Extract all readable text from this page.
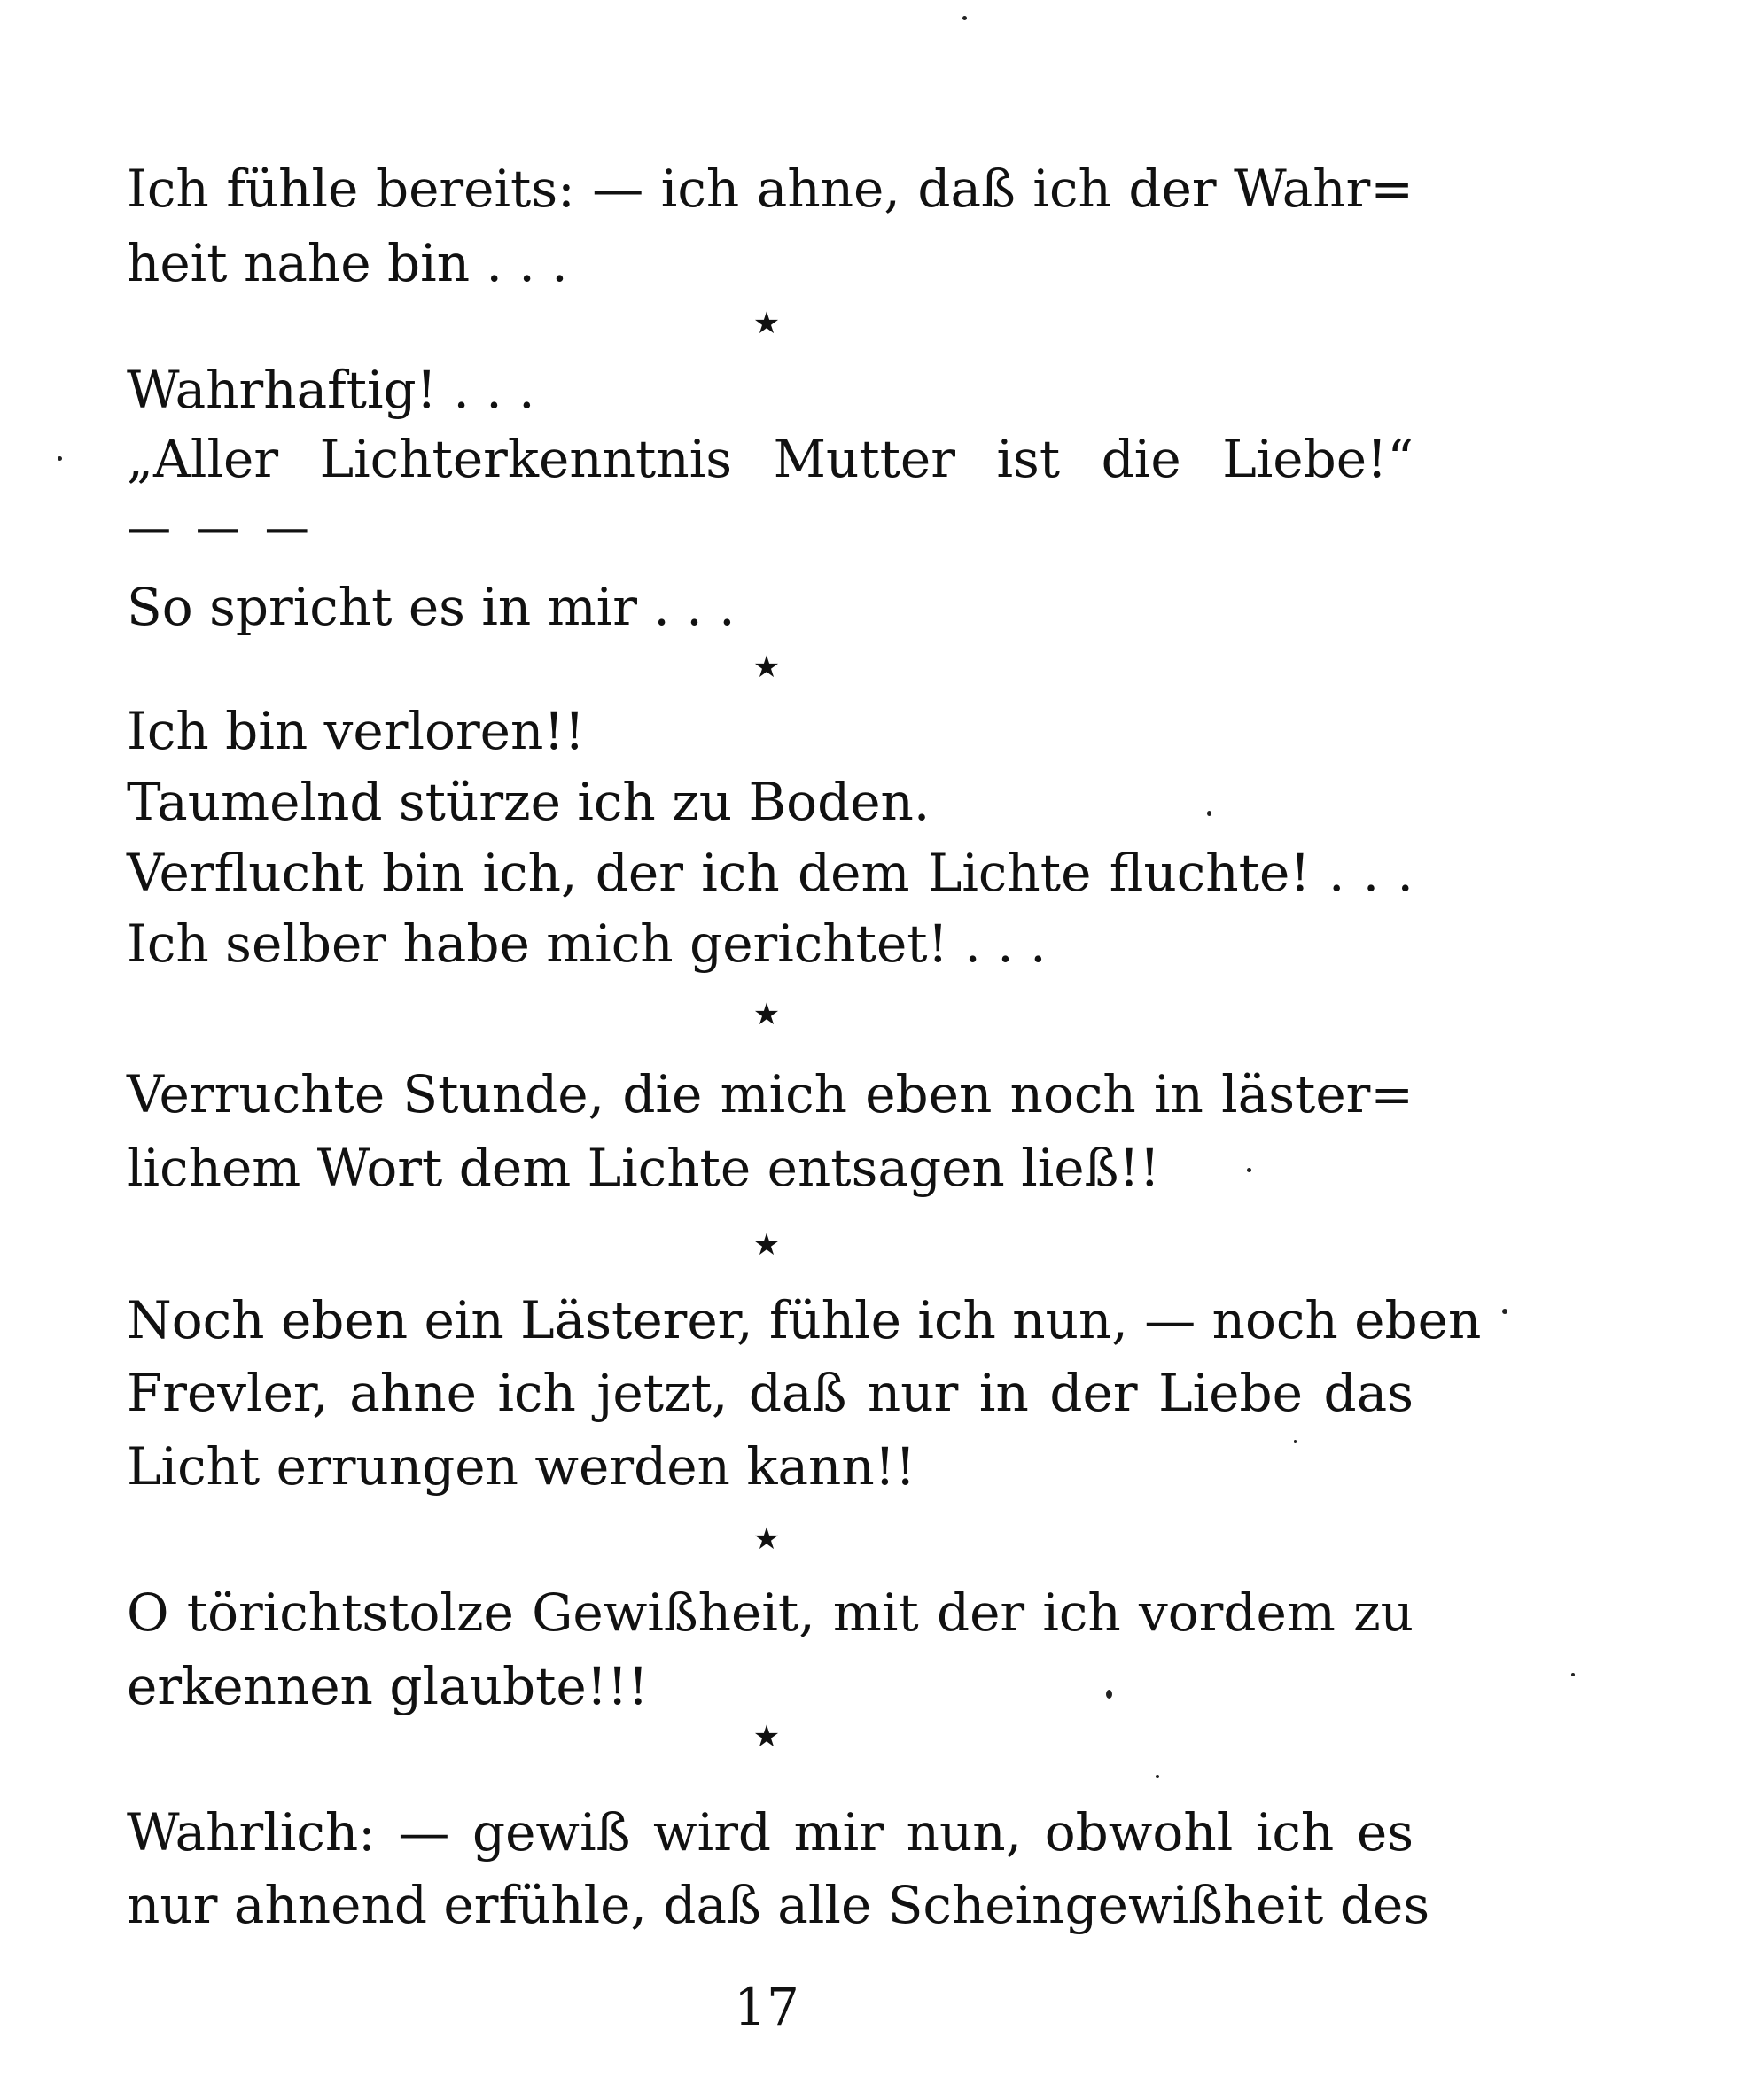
Ich fühle bereits: — ich ahne, daß ich der Wahr=

heit nahe bin . . .

★

Wahrhaftig! . . .

„Aller Lichterkenntnis Mutter ist die Liebe!“

— — —

So spricht es in mir . . .

★

Ich bin verloren!!

Taumelnd stürze ich zu Boden.

Verflucht bin ich, der ich dem Lichte fluchte! . . .

Ich selber habe mich gerichtet! . . .

★

Verruchte Stunde, die mich eben noch in läster=

lichem Wort dem Lichte entsagen ließ!!

★

Noch eben ein Lästerer, fühle ich nun, — noch eben

Frevler, ahne ich jetzt, daß nur in der Liebe das

Licht errungen werden kann!!

★

O törichtstolze Gewißheit, mit der ich vordem zu

erkennen glaubte!!!

★

Wahrlich: — gewiß wird mir nun, obwohl ich es

nur ahnend erfühle, daß alle Scheingewißheit des

17
